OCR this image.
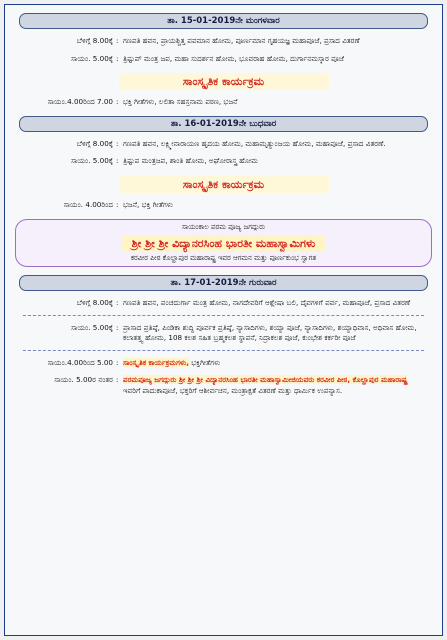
ತಾ. 15-01-2019ನೇ ಮಂಗಳವಾರ
ಬೆಳಿಗ್ಗೆ 8.00ಕ್ಕೆ : ಗಣಪತಿ ಹವನ, ಪ್ರಾಯಶ್ಚಿತ್ತ ಪವಮಾನ ಹೋಮ, ಪೂರ್ಣಮಾನ ಗೃಹಯಜ್ಞ ಮಹಾಪೂಜೆ, ಪ್ರಸಾದ ವಿತರಣೆ
ಸಾಯಂ. 5.00ಕ್ಕೆ : ತ್ರಿಷ್ಟುಪ್ ಮಂತ್ರ ಜಪ, ಮಹಾ ಸುದರ್ಶನ ಹೋಮ, ಭೂವರಾಹ ಹೋಮ, ದುರ್ಗಾನಮಸ್ಕಾರ ಪೂಜೆ
ಸಾಂಸ್ಕೃತಿಕ ಕಾರ್ಯಕ್ರಮ
ಸಾಯಂ.4.00ರಿಂದ 7.00 : ಭಕ್ತಿ ಗೀತೆಗಳು, ಲಲಿತಾ ಸಹಸ್ರನಾಮ ಪಠಣ, ಭಜನೆ
ತಾ. 16-01-2019ನೇ ಬುಧವಾರ
ಬೆಳಿಗ್ಗೆ 8.00ಕ್ಕೆ : ಗಣಪತಿ ಹವನ, ಲಕ್ಷ್ಮೀನಾರಾಯಣ ಹೃದಯ ಹೋಮ, ಮಹಾಮೃತ್ಯುಂಜಯ ಹೋಮ, ಮಹಾಪೂಜೆ, ಪ್ರಸಾದ ವಿತರಣೆ.
ಸಾಯಂ. 5.00ಕ್ಕೆ : ತ್ರಿಷ್ಟುಪ ಮಂತ್ರಜಪ, ಶಾಂತಿ ಹೋಮ, ಅಘೋರಾಸ್ತ್ರ ಹೋಮ
ಸಾಂಸ್ಕೃತಿಕ ಕಾರ್ಯಕ್ರಮ
ಸಾಯಂ. 4.00ರಿಂದ : ಭಜನೆ, ಭಕ್ತಿ ಗೀತೆಗಳು
ಸಾಯಂಕಾಲ ಪರಮ ಪೂಜ್ಯ ಜಗದ್ಗುರು
ಶ್ರೀ ಶ್ರೀ ಶ್ರೀ ವಿದ್ಯಾನರಸಿಂಹ ಭಾರತೀ ಮಹಾಸ್ವಾಮಿಗಳು
ಕರವೀರ ಪೀಠ ಕೊಲ್ಹಾಪುರ ಮಹಾರಾಷ್ಟ್ರ ಇವರ ಆಗಮನ ಮತ್ತು ಪೂರ್ಣಕುಂಭ ಸ್ವಾಗತ
ತಾ. 17-01-2019ನೇ ಗುರುವಾರ
ಬೆಳಿಗ್ಗೆ 8.00ಕ್ಕೆ : ಗಣಪತಿ ಹವನ, ಪಂಚದುರ್ಗಾ ಮಂತ್ರ ಹೋಮ, ನಾಗದೇವರಿಗೆ ಆಶ್ಲೇಷಾ ಬಲಿ, ದೈವಗಳಿಗೆ ಪರ್ವ, ಮಹಾಪೂಜೆ, ಪ್ರಸಾದ ವಿತರಣೆ
ಸಾಯಂ. 5.00ಕ್ಕೆ : ಪ್ರಾಸಾದ ಪ್ರತಿಷ್ಠೆ, ಪಿಂಡಿಕಾ ಶುದ್ಧಿ ಪೂರ್ವಕ ಪ್ರತಿಷ್ಠೆ, ನ್ಯಾಸಾದಿಗಳು, ಶಯ್ಯಾ ಪೂಜೆ, ನ್ಯಾಸಾದಿಗಳು, ಶಯ್ಯಾಧಿವಾಸ, ಅಧಿವಾಸ ಹೋಮ, ಕಲಾತತ್ತ್ವ ಹೋಮ, 108 ಕಲಶ ಸಹಿತ ಬ್ರಹ್ಮಕಲಶ ಸ್ಥಾಪನೆ, ನಿದ್ರಾಕಲಶ ಪೂಜೆ, ಕುಂಭೇಶ ಕರ್ಕರೀ ಪೂಜೆ
ಸಾಯಂ.4.00ರಿಂದ 5.00 : ಸಾಂಸ್ಕೃತಿಕ ಕಾರ್ಯಕ್ರಮಗಳು, ಭಕ್ತಿಗೀತೆಗಳು
ಸಾಯಂ. 5.00ರ ನಂತರ : ಪರಮಪೂಜ್ಯ ಜಗದ್ಗುರು ಶ್ರೀ ಶ್ರೀ ಶ್ರೀ ವಿದ್ಯಾನರಸಿಂಹ ಭಾರತೀ ಮಹಾಸ್ವಾಮೀಜಿಯವರು ಕರವೀರ ಪೀಠ, ಕೊಲ್ಹಾಪುರ ಮಹಾರಾಷ್ಟ್ರ ಇವರಿಗೆ ಪಾದುಕಾಪೂಜೆ, ಭಕ್ತರಿಗೆ ಆಶೀರ್ವಚನ, ಮಂತ್ರಾಕ್ಷತೆ ವಿತರಣೆ ಮತ್ತು ಧಾರ್ಮಿಕ ಉಪನ್ಯಾಸ.
